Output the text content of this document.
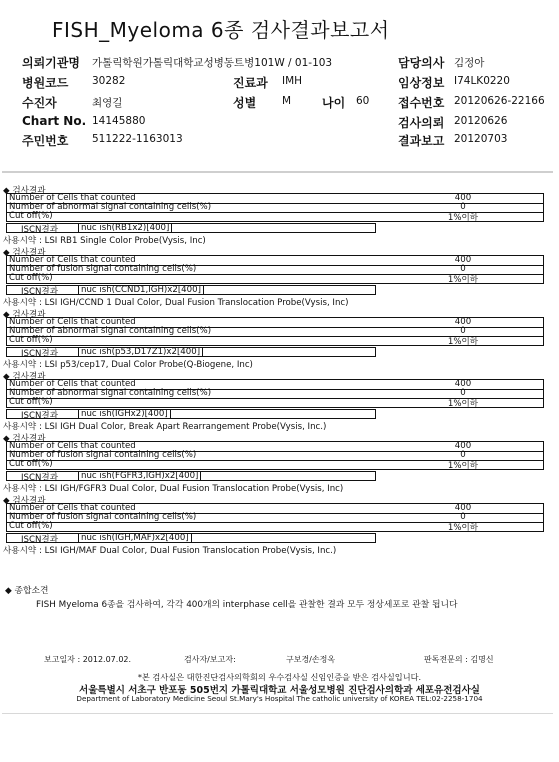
FISH_Myeloma 6종 검사결과보고서
의뢰기관명 가톨릭학원가톨릭대학교성병동트병101W / 01-103	담당의사 김정아
병원코드 30282	진료과 IMH	임상정보 I74LK0220
수진자	최영길	성별 M	나이 60 접수번호 20120626-22166
Chart No. 14145880	검사의뢰 20120626
주민번호 511222-1163013	결과보고 20120703
◆ 검사결과
Number of Cells that counted	400
Number of abnormal signal containing cells(%)	0
Cut off(%)	1%이하
ISCN결과	nuc ish(RB1x2)[400]
사용시약 : LSI RB1 Single Color Probe(Vysis, Inc)
◆ 검사결과
Number of Cells that counted	400
Number of fusion signal containing cells(%)	0
Cut off(%)	1%이하
ISCN결과	nuc ish(CCND1,IGH)x2[400]
사용시약 : LSI IGH/CCND 1 Dual Color, Dual Fusion Translocation Probe(Vysis, Inc)
◆ 검사결과
Number of Cells that counted	400
Number of abnormal signal containing cells(%)	0
Cut off(%)	1%이하
ISCN결과	nuc ish(p53,D17Z1)x2[400]
사용시약 : LSI p53/cep17, Dual Color Probe(Q-Biogene, Inc)
◆ 검사결과
Number of Cells that counted	400
Number of abnormal signal containing cells(%)	0
Cut off(%)	1%이하
ISCN결과	nuc ish(IGHx2)[400]
사용시약 : LSI IGH Dual Color, Break Apart Rearrangement Probe(Vysis, Inc.)
◆ 검사결과
Number of Cells that counted	400
Number of fusion signal containing cells(%)	0
Cut off(%)	1%이하
ISCN결과	nuc ish(FGFR3,IGH)x2[400]
사용시약 : LSI IGH/FGFR3 Dual Color, Dual Fusion Translocation Probe(Vysis, Inc)
◆ 검사결과
Number of Cells that counted	400
Number of fusion signal containing cells(%)	0
Cut off(%)	1%이하
ISCN결과	nuc ish(IGH,MAF)x2[400]
사용시약 : LSI IGH/MAF Dual Color, Dual Fusion Translocation Probe(Vysis, Inc.)
◆ 종합소견
FISH Myeloma 6종을 검사하여, 각각 400개의 interphase cell을 관찰한 결과 모두 정상세포로 관찰 됩니다
보고일자 : 2012.07.02.	검사자/보고자:	구보경/손정옥	판독전문의 : 김명신
*본 검사실은 대한진단검사의학회의 우수검사실 신임인증을 받은 검사실입니다.
서울특별시 서초구 반포동 505번지 가톨릭대학교 서울성모병원 진단검사의학과 세포유전검사실
Department of Laboratory Medicine Seoul St.Mary's Hospital The catholic university of KOREA TEL:02-2258-1704
